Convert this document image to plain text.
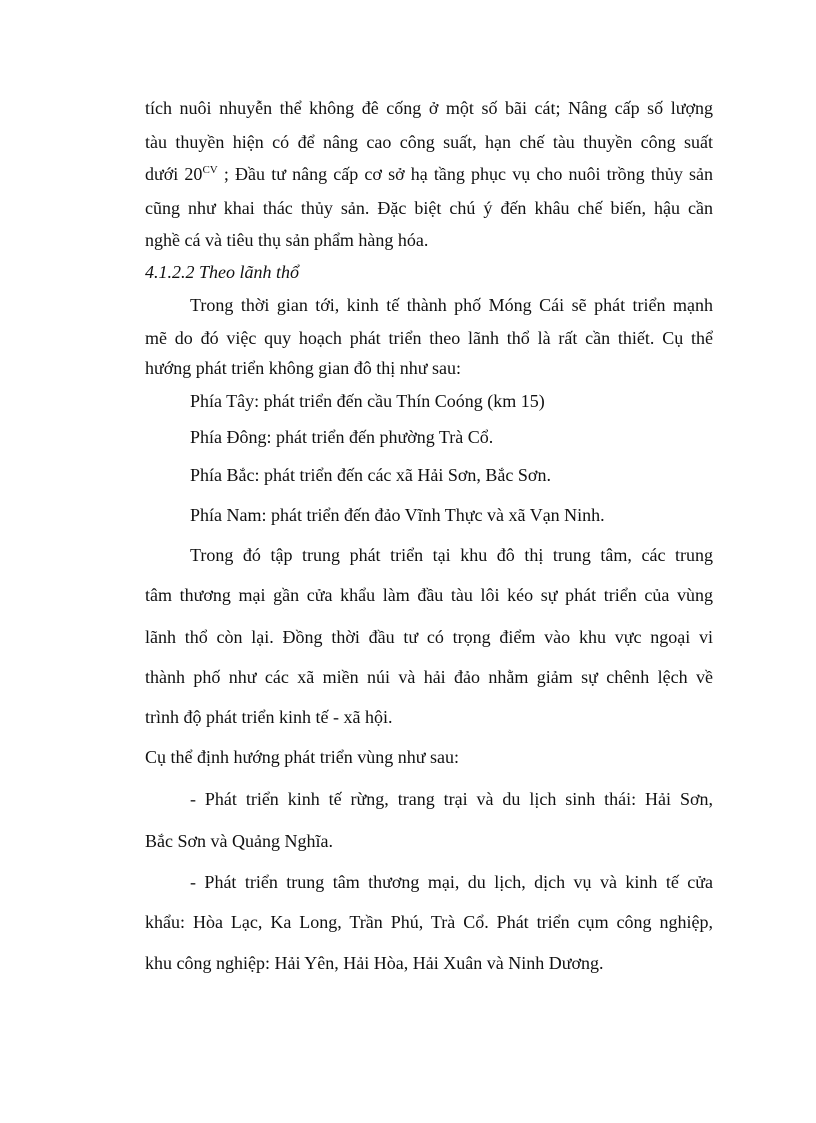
tích nuôi nhuyễn thể không đê cống ở một số bãi cát; Nâng cấp số lượng
tàu thuyền hiện có để nâng cao công suất, hạn chế tàu thuyền công suất
dưới $20^{CV}$ ; Đầu tư nâng cấp cơ sở hạ tầng phục vụ cho nuôi trồng thủy sản
cũng như khai thác thủy sản. Đặc biệt chú ý đến khâu chế biến, hậu cần
nghề cá và tiêu thụ sản phẩm hàng hóa.
4.1.2.2 Theo lãnh thổ
Trong thời gian tới, kinh tế thành phố Móng Cái sẽ phát triển mạnh
mẽ do đó việc quy hoạch phát triển theo lãnh thổ là rất cần thiết. Cụ thể
hướng phát triển không gian đô thị như sau:
Phía Tây: phát triển đến cầu Thín Coóng (km 15)
Phía Đông: phát triển đến phường Trà Cổ.
Phía Bắc: phát triển đến các xã Hải Sơn, Bắc Sơn.
Phía Nam: phát triển đến đảo Vĩnh Thực và xã Vạn Ninh.
Trong đó tập trung phát triển tại khu đô thị trung tâm, các trung
tâm thương mại gần cửa khẩu làm đầu tàu lôi kéo sự phát triển của vùng
lãnh thổ còn lại. Đồng thời đầu tư có trọng điểm vào khu vực ngoại vi
thành phố như các xã miền núi và hải đảo nhằm giảm sự chênh lệch về
trình độ phát triển kinh tế - xã hội.
Cụ thể định hướng phát triển vùng như sau:
- Phát triển kinh tế rừng, trang trại và du lịch sinh thái: Hải Sơn,
Bắc Sơn và Quảng Nghĩa.
- Phát triển trung tâm thương mại, du lịch, dịch vụ và kinh tế cửa
khẩu: Hòa Lạc, Ka Long, Trần Phú, Trà Cổ. Phát triển cụm công nghiệp,
khu công nghiệp: Hải Yên, Hải Hòa, Hải Xuân và Ninh Dương.
